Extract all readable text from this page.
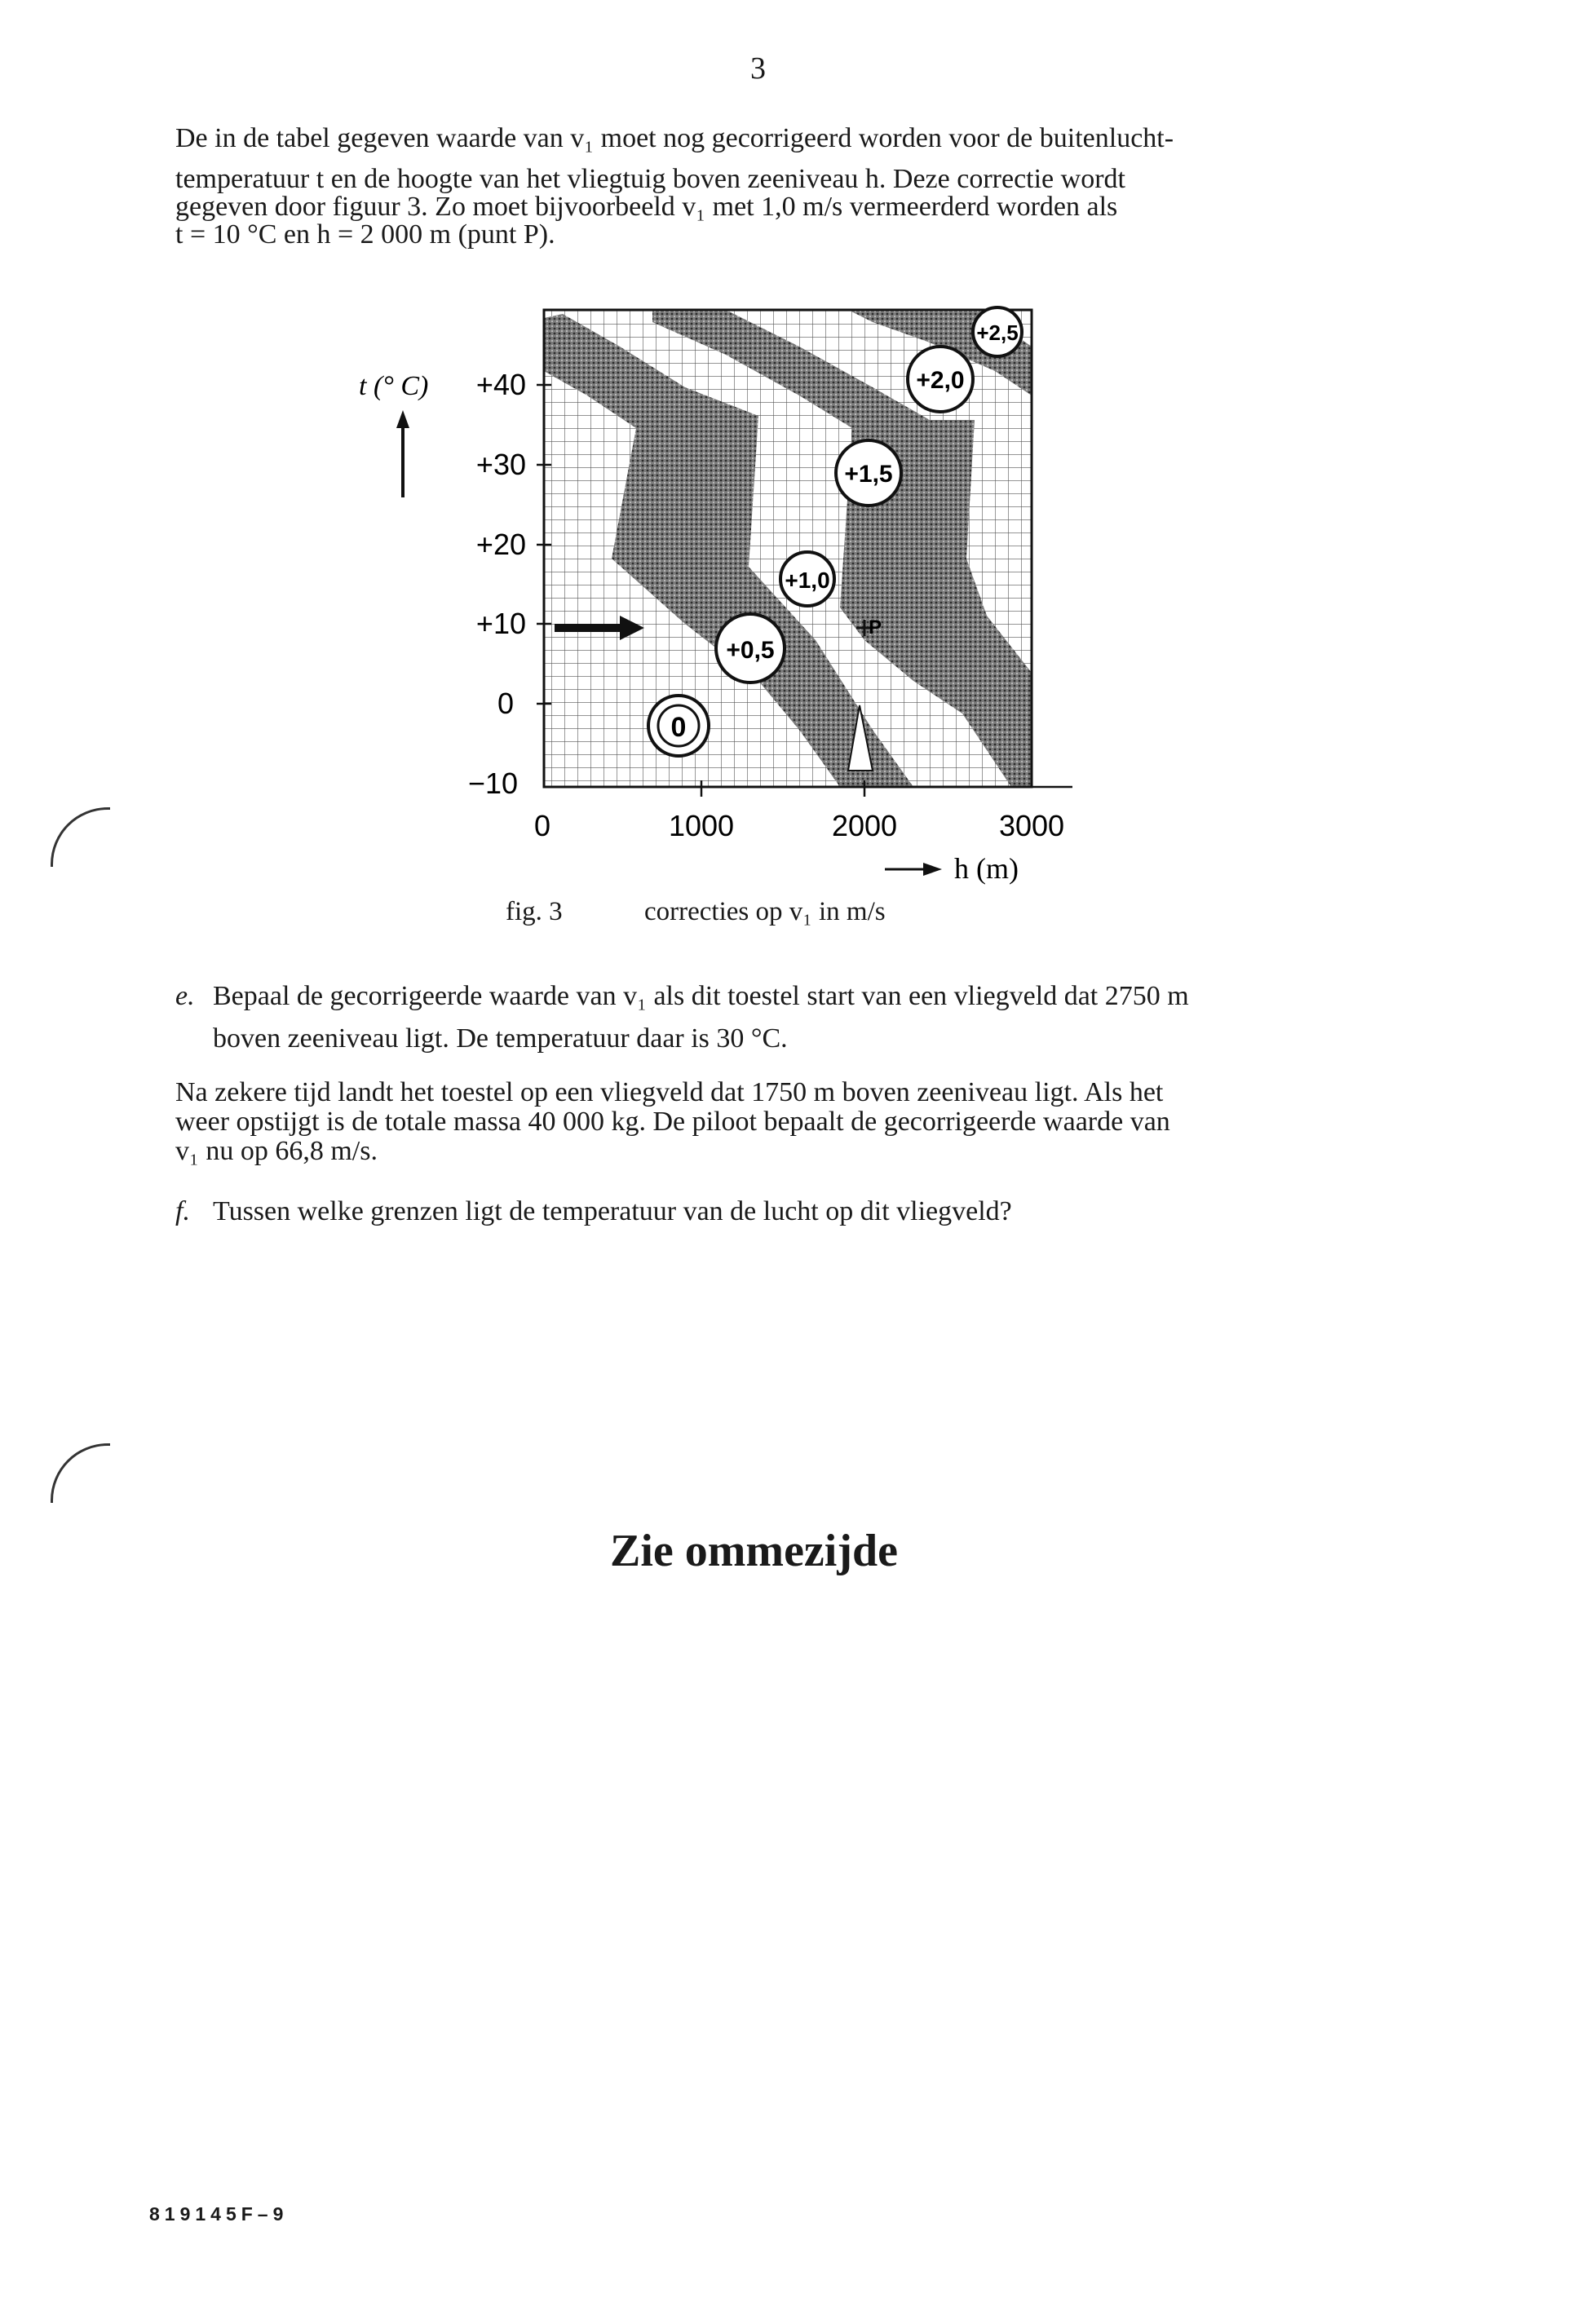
3

De in de tabel gegeven waarde van v₁ moet nog gecorrigeerd worden voor de buitenlucht-

temperatuur t en de hoogte van het vliegtuig boven zeeniveau h. Deze correctie wordt

gegeven door figuur 3. Zo moet bijvoorbeeld v₁ met 1,0 m/s vermeerderd worden als

t = 10 °C en h = 2 000 m (punt P).

0
+0,5
+1,0
+1,5
+2,0
+2,5
P
+40
+30
+20
+10
0
−10
t (° C)
0	1000	2000	3000
h (m)
fig. 3	correcties op v₁ in m/s

e. Bepaal de gecorrigeerde waarde van v₁ als dit toestel start van een vliegveld dat 2750 m

boven zeeniveau ligt. De temperatuur daar is 30 °C.

Na zekere tijd landt het toestel op een vliegveld dat 1750 m boven zeeniveau ligt. Als het

weer opstijgt is de totale massa 40 000 kg. De piloot bepaalt de gecorrigeerde waarde van

v₁ nu op 66,8 m/s.

f. Tussen welke grenzen ligt de temperatuur van de lucht op dit vliegveld?

Zie ommezijde
819145F–9
